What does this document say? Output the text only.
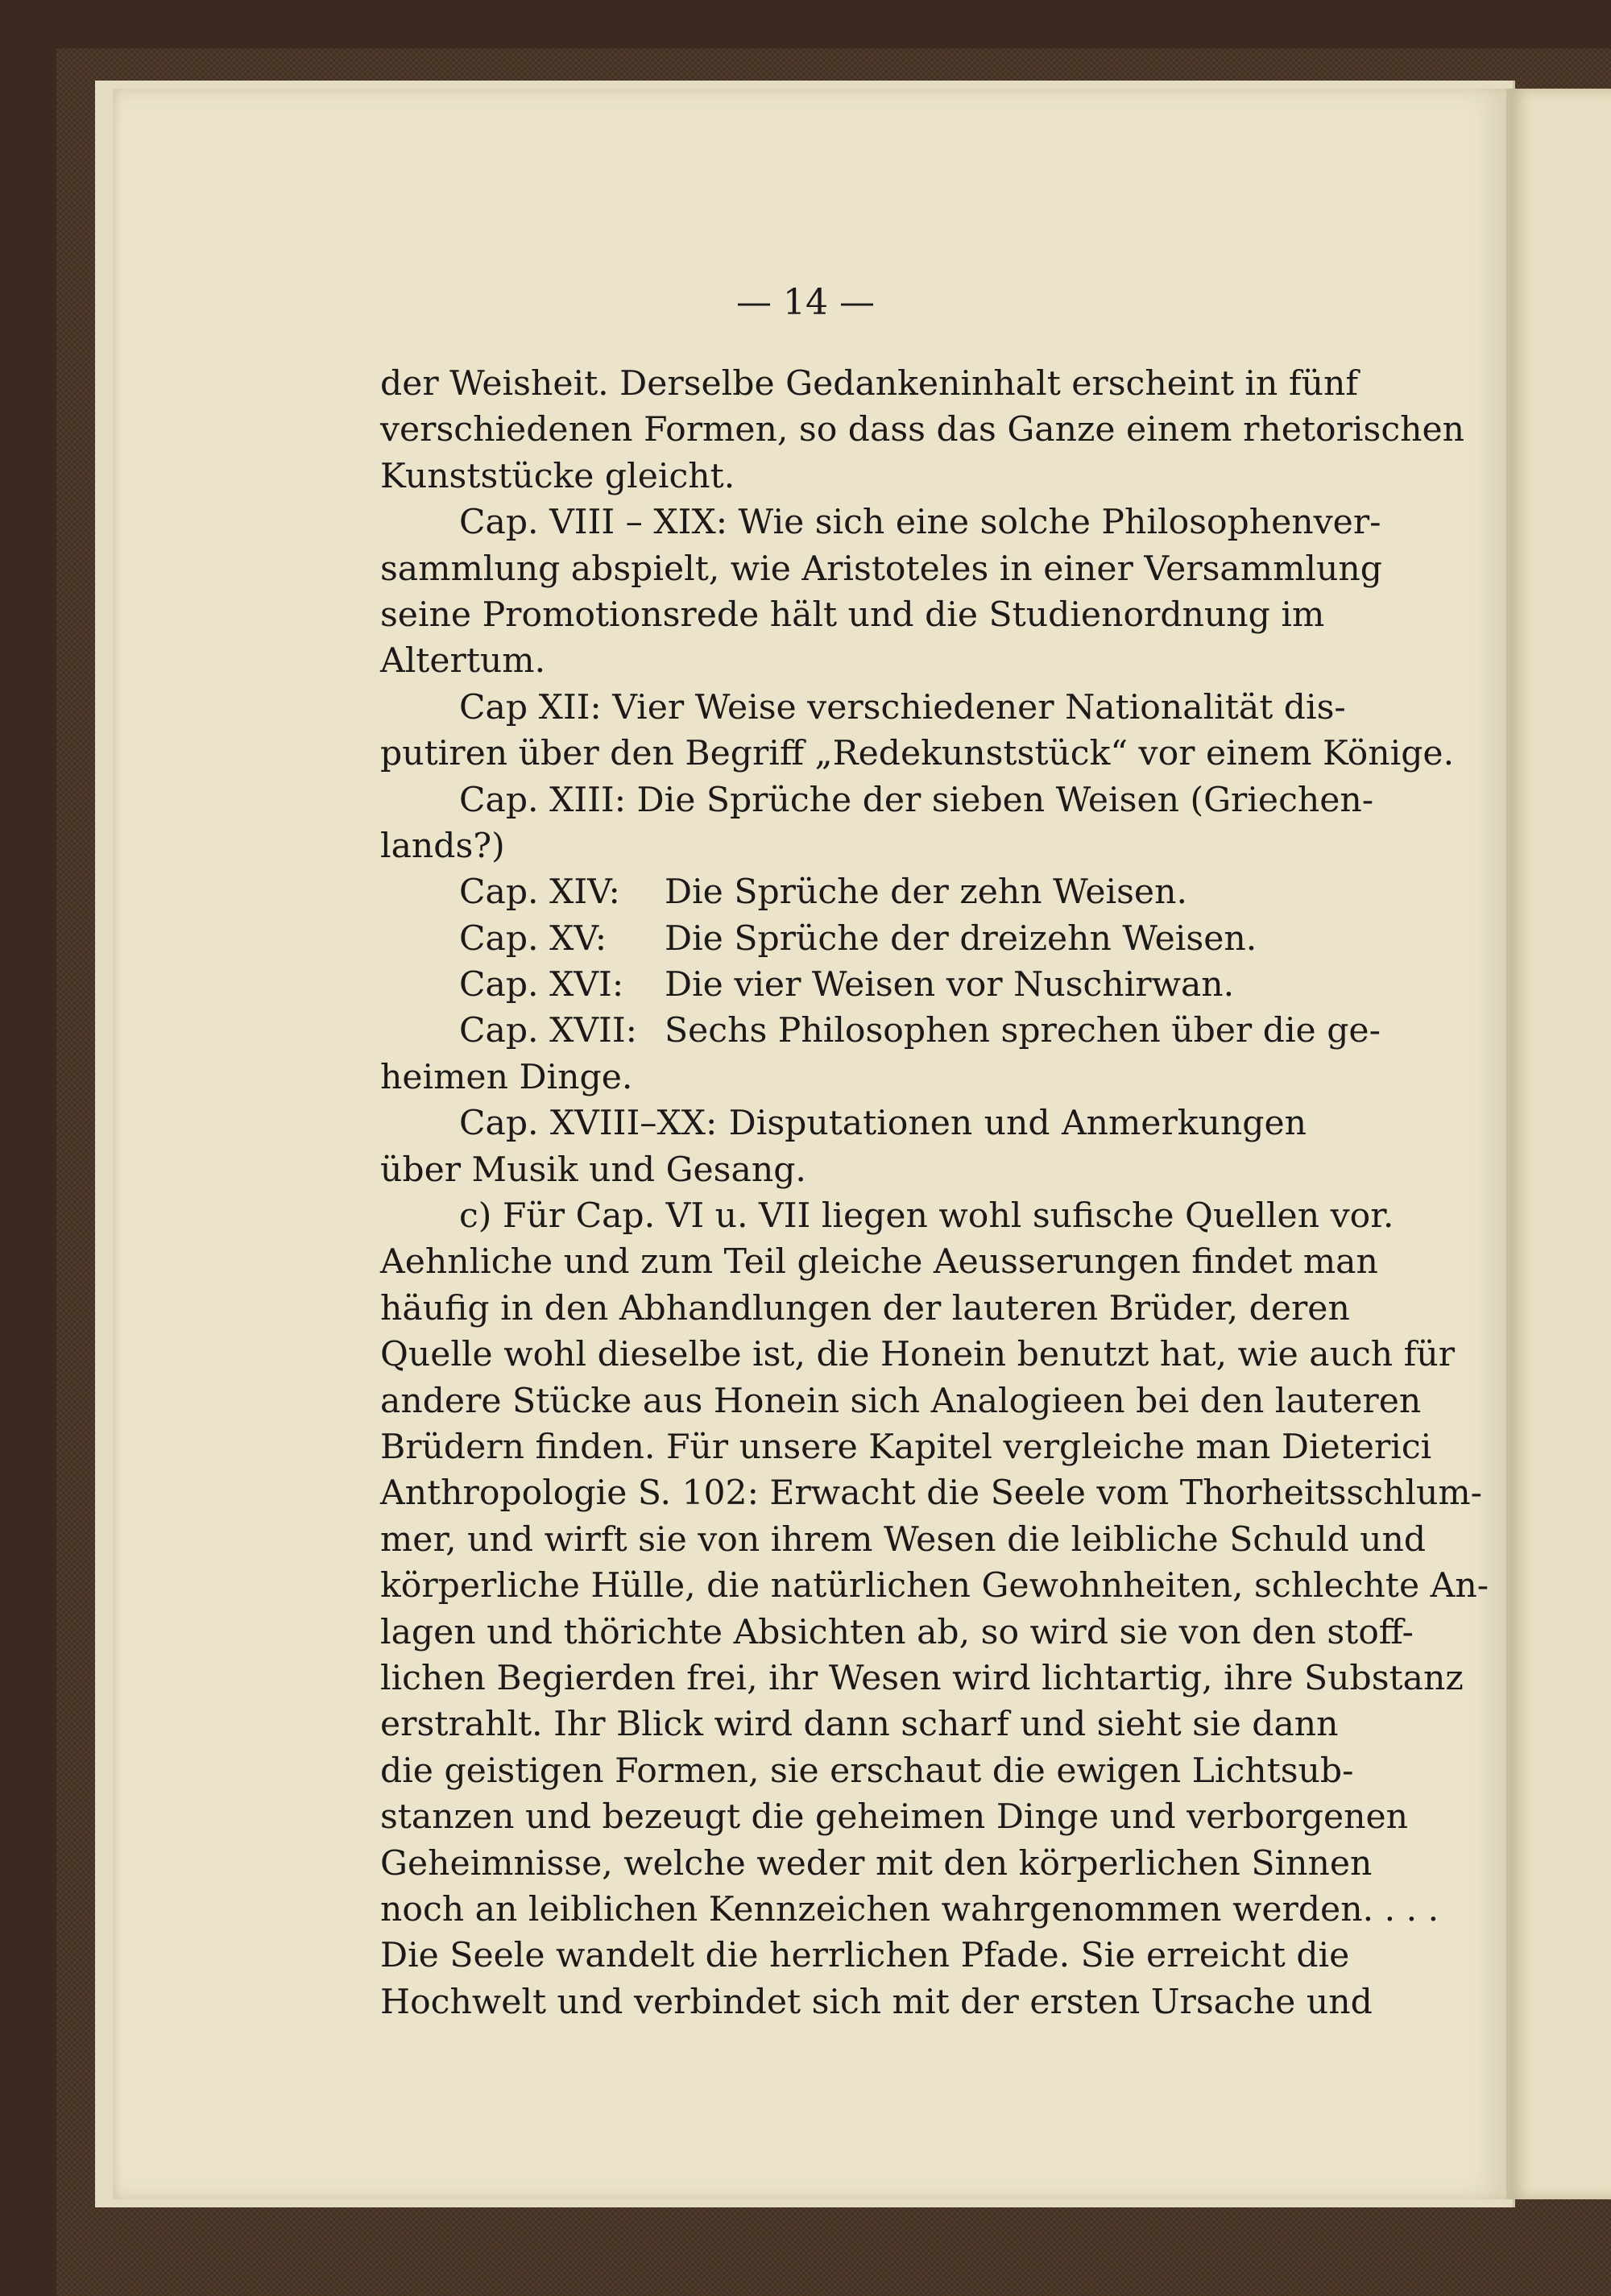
— 14 —
der Weisheit. Derselbe Gedankeninhalt erscheint in fünf
verschiedenen Formen, so dass das Ganze einem rhetorischen
Kunststücke gleicht.
Cap. VIII – XIX: Wie sich eine solche Philosophenver-
sammlung abspielt, wie Aristoteles in einer Versammlung
seine Promotionsrede hält und die Studienordnung im
Altertum.
Cap XII: Vier Weise verschiedener Nationalität dis-
putiren über den Begriff „Redekunststück“ vor einem Könige.
Cap. XIII: Die Sprüche der sieben Weisen (Griechen-
lands?)
Cap. XIV:	Die Sprüche der zehn Weisen.
Cap. XV:	Die Sprüche der dreizehn Weisen.
Cap. XVI:	Die vier Weisen vor Nuschirwan.
Cap. XVII: Sechs Philosophen sprechen über die ge-
heimen Dinge.
Cap. XVIII–XX: Disputationen und Anmerkungen
über Musik und Gesang.
c) Für Cap. VI u. VII liegen wohl sufische Quellen vor.
Aehnliche und zum Teil gleiche Aeusserungen findet man
häufig in den Abhandlungen der lauteren Brüder, deren
Quelle wohl dieselbe ist, die Honein benutzt hat, wie auch für
andere Stücke aus Honein sich Analogieen bei den lauteren
Brüdern finden. Für unsere Kapitel vergleiche man Dieterici
Anthropologie S. 102: Erwacht die Seele vom Thorheitsschlum-
mer, und wirft sie von ihrem Wesen die leibliche Schuld und
körperliche Hülle, die natürlichen Gewohnheiten, schlechte An-
lagen und thörichte Absichten ab, so wird sie von den stoff-
lichen Begierden frei, ihr Wesen wird lichtartig, ihre Substanz
erstrahlt. Ihr Blick wird dann scharf und sieht sie dann
die geistigen Formen, sie erschaut die ewigen Lichtsub-
stanzen und bezeugt die geheimen Dinge und verborgenen
Geheimnisse, welche weder mit den körperlichen Sinnen
noch an leiblichen Kennzeichen wahrgenommen werden. . . .
Die Seele wandelt die herrlichen Pfade. Sie erreicht die
Hochwelt und verbindet sich mit der ersten Ursache und
